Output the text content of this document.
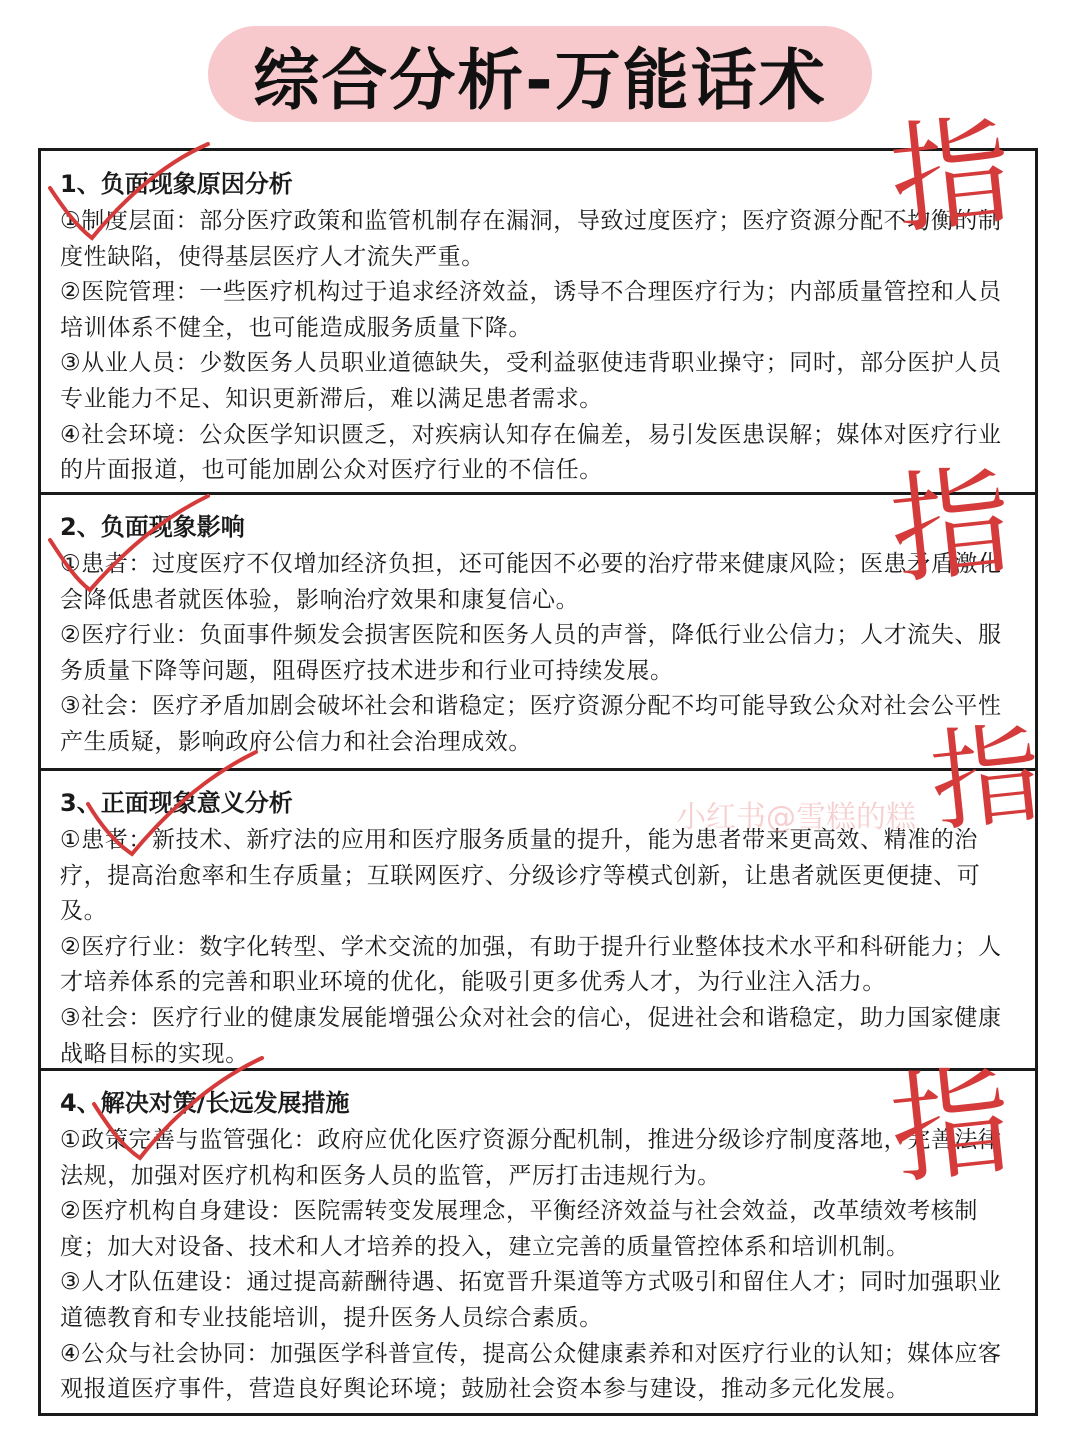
综合分析-万能话术
1、负面现象原因分析

①制度层面：部分医疗政策和监管机制存在漏洞，导致过度医疗；医疗资源分配不均衡的制度性缺陷，使得基层医疗人才流失严重。

②医院管理：一些医疗机构过于追求经济效益，诱导不合理医疗行为；内部质量管控和人员培训体系不健全，也可能造成服务质量下降。

③从业人员：少数医务人员职业道德缺失，受利益驱使违背职业操守；同时，部分医护人员专业能力不足、知识更新滞后，难以满足患者需求。

④社会环境：公众医学知识匮乏，对疾病认知存在偏差，易引发医患误解；媒体对医疗行业的片面报道，也可能加剧公众对医疗行业的不信任。

2、负面现象影响

①患者：过度医疗不仅增加经济负担，还可能因不必要的治疗带来健康风险；医患矛盾激化会降低患者就医体验，影响治疗效果和康复信心。

②医疗行业：负面事件频发会损害医院和医务人员的声誉，降低行业公信力；人才流失、服务质量下降等问题，阻碍医疗技术进步和行业可持续发展。

③社会：医疗矛盾加剧会破坏社会和谐稳定；医疗资源分配不均可能导致公众对社会公平性产生质疑，影响政府公信力和社会治理成效。

3、正面现象意义分析

①患者：新技术、新疗法的应用和医疗服务质量的提升，能为患者带来更高效、精准的治疗，提高治愈率和生存质量；互联网医疗、分级诊疗等模式创新，让患者就医更便捷、可及。

②医疗行业：数字化转型、学术交流的加强，有助于提升行业整体技术水平和科研能力；人才培养体系的完善和职业环境的优化，能吸引更多优秀人才，为行业注入活力。

③社会：医疗行业的健康发展能增强公众对社会的信心，促进社会和谐稳定，助力国家健康战略目标的实现。

4、解决对策/长远发展措施

①政策完善与监管强化：政府应优化医疗资源分配机制，推进分级诊疗制度落地，完善法律法规，加强对医疗机构和医务人员的监管，严厉打击违规行为。

②医疗机构自身建设：医院需转变发展理念，平衡经济效益与社会效益，改革绩效考核制度；加大对设备、技术和人才培养的投入，建立完善的质量管控体系和培训机制。

③人才队伍建设：通过提高薪酬待遇、拓宽晋升渠道等方式吸引和留住人才；同时加强职业道德教育和专业技能培训，提升医务人员综合素质。

④公众与社会协同：加强医学科普宣传，提高公众健康素养和对医疗行业的认知；媒体应客观报道医疗事件，营造良好舆论环境；鼓励社会资本参与建设，推动多元化发展。

小红书@雪糕的糕
指
指
指
指
